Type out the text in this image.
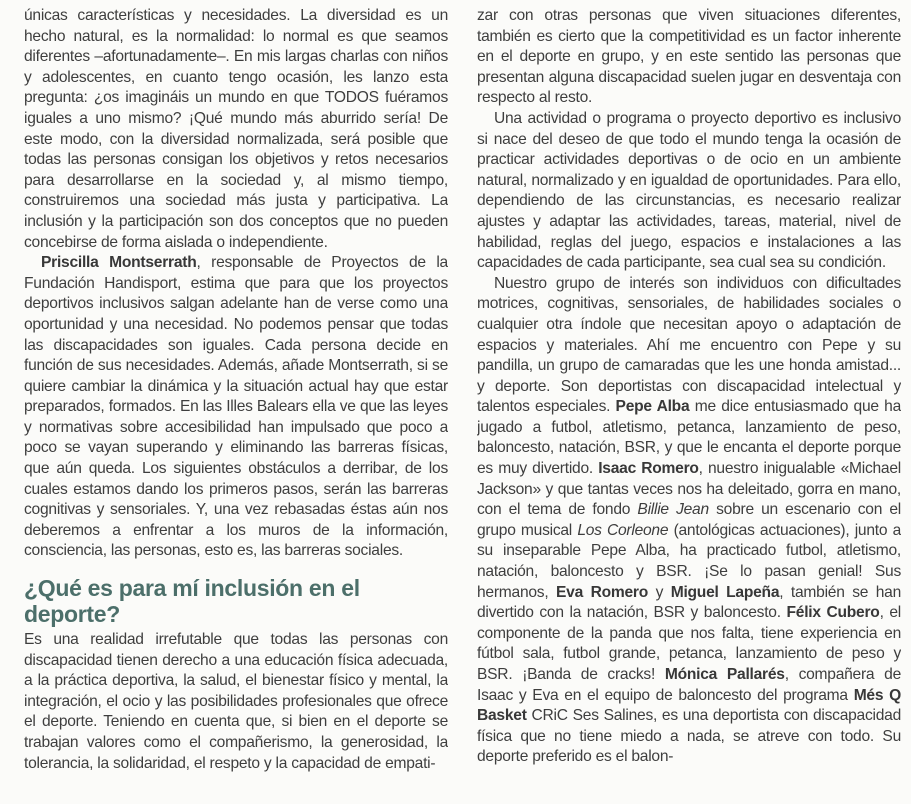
únicas características y necesidades. La diversidad es un hecho natural, es la normalidad: lo normal es que seamos diferentes –afortunadamente–. En mis largas charlas con niños y adolescentes, en cuanto tengo ocasión, les lanzo esta pregunta: ¿os imagináis un mundo en que TODOS fuéramos iguales a uno mismo? ¡Qué mundo más aburrido sería! De este modo, con la diversidad normalizada, será posible que todas las personas consigan los objetivos y retos necesarios para desarrollarse en la sociedad y, al mismo tiempo, construiremos una sociedad más justa y participativa. La inclusión y la participación son dos conceptos que no pueden concebirse de forma aislada o independiente.

Priscilla Montserrath, responsable de Proyectos de la Fundación Handisport, estima que para que los proyectos deportivos inclusivos salgan adelante han de verse como una oportunidad y una necesidad. No podemos pensar que todas las discapacidades son iguales. Cada persona decide en función de sus necesidades. Además, añade Montserrath, si se quiere cambiar la dinámica y la situación actual hay que estar preparados, formados. En las Illes Balears ella ve que las leyes y normativas sobre accesibilidad han impulsado que poco a poco se vayan superando y eliminando las barreras físicas, que aún queda. Los siguientes obstáculos a derribar, de los cuales estamos dando los primeros pasos, serán las barreras cognitivas y sensoriales. Y, una vez rebasadas éstas aún nos deberemos a enfrentar a los muros de la información, consciencia, las personas, esto es, las barreras sociales.

¿Qué es para mí inclusión en el deporte?

Es una realidad irrefutable que todas las personas con discapacidad tienen derecho a una educación física adecuada, a la práctica deportiva, la salud, el bienestar físico y mental, la integración, el ocio y las posibilidades profesionales que ofrece el deporte. Teniendo en cuenta que, si bien en el deporte se trabajan valores como el compañerismo, la generosidad, la tolerancia, la solidaridad, el respeto y la capacidad de empati-

zar con otras personas que viven situaciones diferentes, también es cierto que la competitividad es un factor inherente en el deporte en grupo, y en este sentido las personas que presentan alguna discapacidad suelen jugar en desventaja con respecto al resto.

Una actividad o programa o proyecto deportivo es inclusivo si nace del deseo de que todo el mundo tenga la ocasión de practicar actividades deportivas o de ocio en un ambiente natural, normalizado y en igualdad de oportunidades. Para ello, dependiendo de las circunstancias, es necesario realizar ajustes y adaptar las actividades, tareas, material, nivel de habilidad, reglas del juego, espacios e instalaciones a las capacidades de cada participante, sea cual sea su condición.

Nuestro grupo de interés son individuos con dificultades motrices, cognitivas, sensoriales, de habilidades sociales o cualquier otra índole que necesitan apoyo o adaptación de espacios y materiales. Ahí me encuentro con Pepe y su pandilla, un grupo de camaradas que les une honda amistad... y deporte. Son deportistas con discapacidad intelectual y talentos especiales. Pepe Alba me dice entusiasmado que ha jugado a futbol, atletismo, petanca, lanzamiento de peso, baloncesto, natación, BSR, y que le encanta el deporte porque es muy divertido. Isaac Romero, nuestro inigualable «Michael Jackson» y que tantas veces nos ha deleitado, gorra en mano, con el tema de fondo Billie Jean sobre un escenario con el grupo musical Los Corleone (antológicas actuaciones), junto a su inseparable Pepe Alba, ha practicado futbol, atletismo, natación, baloncesto y BSR. ¡Se lo pasan genial! Sus hermanos, Eva Romero y Miguel Lapeña, también se han divertido con la natación, BSR y baloncesto. Félix Cubero, el componente de la panda que nos falta, tiene experiencia en fútbol sala, futbol grande, petanca, lanzamiento de peso y BSR. ¡Banda de cracks! Mónica Pallarés, compañera de Isaac y Eva en el equipo de baloncesto del programa Més Q Basket CRiC Ses Salines, es una deportista con discapacidad física que no tiene miedo a nada, se atreve con todo. Su deporte preferido es el balon-
